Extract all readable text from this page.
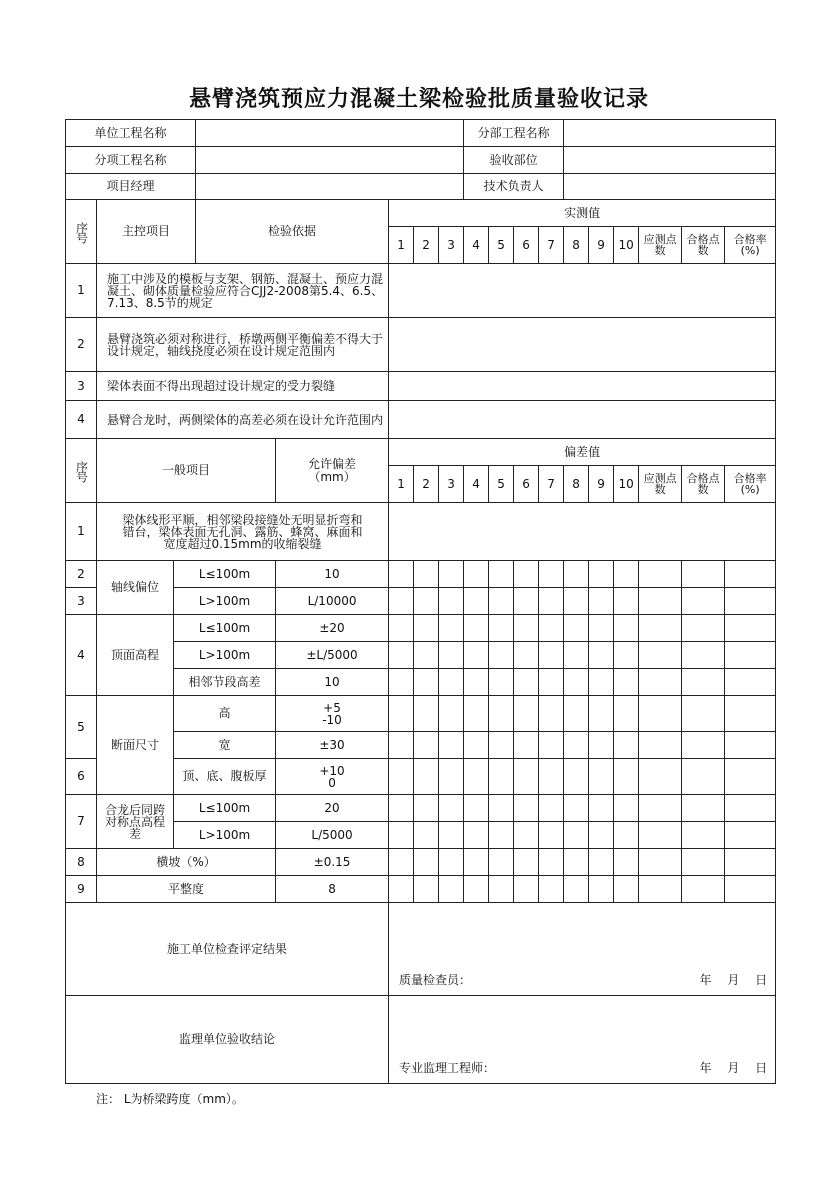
悬臂浇筑预应力混凝土梁检验批质量验收记录
单位工程名称								分部工程名称									
分项工程名称								验收部位									
项目经理								技术负责人									
序号	主控项目		检验依据		实测值												
					1	2	3	4	5	6	7	8	9	10	应测点数	合格点数	合格率(%)
1	施工中涉及的模板与支架、钢筋、混凝土、预应力混凝土、砌体质量检验应符合CJJ2-2008第5.4、6.5、7.13、8.5节的规定																
2	悬臂浇筑必须对称进行，桥墩两侧平衡偏差不得大于设计规定，轴线挠度必须在设计规定范围内																
3	梁体表面不得出现超过设计规定的受力裂缝																
4	悬臂合龙时，两侧梁体的高差必须在设计允许范围内																
序号	一般项目			允许偏差（mm）	偏差值												
					1	2	3	4	5	6	7	8	9	10	应测点数	合格点数	合格率(%)
1	梁体线形平顺，相邻梁段接缝处无明显折弯和错台，梁体表面无孔洞、露筋、蜂窝、麻面和宽度超过0.15mm的收缩裂缝																
2	轴线偏位	L≤100m		10													
3		L>100m		L/10000													
4	顶面高程	L≤100m		±20													
		L>100m		±L/5000													
		相邻节段高差		10													
5	断面尺寸	高		+5
-10													
		宽		±30													
6		顶、底、腹板厚		+10
0													
7	合龙后同跨对称点高程差	L≤100m		20													
		L>100m		L/5000													
8	横坡（%）			±0.15													
9	平整度			8													
施工单位检查评定结果					质量检查员： 年 月 日												

监理单位验收结论					专业监理工程师： 年 月 日												
注： L为桥梁跨度（mm）。
